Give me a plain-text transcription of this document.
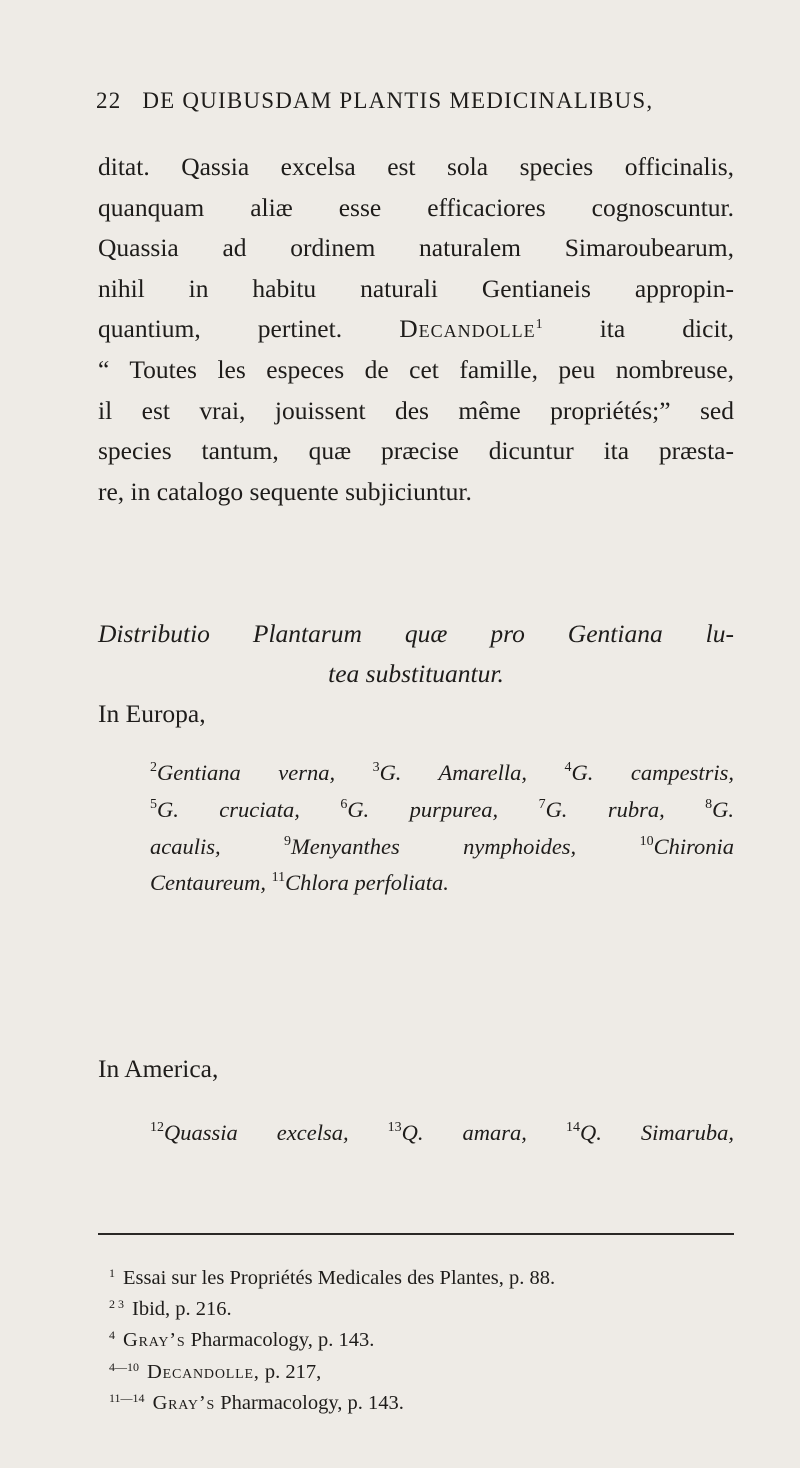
22 DE QUIBUSDAM PLANTIS MEDICINALIBUS,
ditat. Qassia excelsa est sola species officinalis,
quanquam aliæ esse efficaciores cognoscuntur.
Quassia ad ordinem naturalem Simaroubearum,
nihil in habitu naturali Gentianeis appropin-
quantium, pertinet. Decandolle$^1$ ita dicit,
“ Toutes les especes de cet famille, peu nombreuse,
il est vrai, jouissent des même propriétés;” sed
species tantum, quæ præcise dicuntur ita præsta-
re, in catalogo sequente subjiciuntur.
Distributio Plantarum quæ pro Gentiana lu-
tea substituantur.
In Europa,
$^2$Gentiana verna,	$^3$G. Amarella,	$^4$G. campestris,
$^5$G. cruciata,	$^6$G. purpurea,	$^7$G. rubra,	$^8$G.
acaulis,	$^9$Menyanthes nymphoides,	$^{10}$Chironia
Centaureum, $^{11}$Chlora perfoliata.
In America,
$^{12}$Quassia excelsa,	$^{13}$Q. amara,	$^{14}$Q. Simaruba,
$^1$ Essai sur les Propriétés Medicales des Plantes, p. 88.
$^{2 3}$ Ibid, p. 216.
$^4$ Gray’s Pharmacology, p. 143.
$^{4—10}$ Decandolle, p. 217,
$^{11—14}$ Gray’s Pharmacology, p. 143.
